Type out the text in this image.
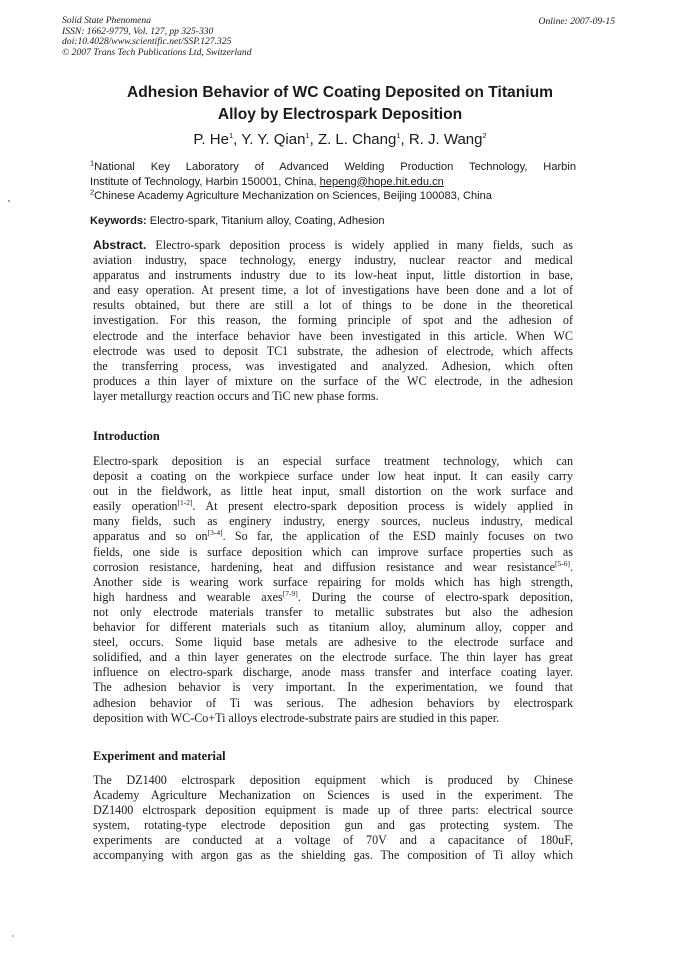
Solid State Phenomena
ISSN: 1662-9779, Vol. 127, pp 325-330
doi:10.4028/www.scientific.net/SSP.127.325
© 2007 Trans Tech Publications Ltd, Switzerland
Online: 2007-09-15
Adhesion Behavior of WC Coating Deposited on Titanium
Alloy by Electrospark Deposition
P. He$^1$, Y. Y. Qian$^1$, Z. L. Chang$^1$, R. J. Wang$^2$
$^1$National Key Laboratory of Advanced Welding Production Technology, Harbin
Institute of Technology, Harbin 150001, China, hepeng@hope.hit.edu.cn
$^2$Chinese Academy Agriculture Mechanization on Sciences, Beijing 100083, China
Keywords: Electro-spark, Titanium alloy, Coating, Adhesion
Abstract. Electro-spark deposition process is widely applied in many fields, such as
aviation industry, space technology, energy industry, nuclear reactor and medical
apparatus and instruments industry due to its low-heat input, little distortion in base,
and easy operation. At present time, a lot of investigations have been done and a lot of
results obtained, but there are still a lot of things to be done in the theoretical
investigation. For this reason, the forming principle of spot and the adhesion of
electrode and the interface behavior have been investigated in this article. When WC
electrode was used to deposit TC1 substrate, the adhesion of electrode, which affects
the transferring process, was investigated and analyzed. Adhesion, which often
produces a thin layer of mixture on the surface of the WC electrode, in the adhesion
layer metallurgy reaction occurs and TiC new phase forms.
Introduction
Electro-spark deposition is an especial surface treatment technology, which can
deposit a coating on the workpiece surface under low heat input. It can easily carry
out in the fieldwork, as little heat input, small distortion on the work surface and
easily operation[1-2]. At present electro-spark deposition process is widely applied in
many fields, such as enginery industry, energy sources, nucleus industry, medical
apparatus and so on[3-4]. So far, the application of the ESD mainly focuses on two
fields, one side is surface deposition which can improve surface properties such as
corrosion resistance, hardening, heat and diffusion resistance and wear resistance[5-6].
Another side is wearing work surface repairing for molds which has high strength,
high hardness and wearable axes[7-9]. During the course of electro-spark deposition,
not only electrode materials transfer to metallic substrates but also the adhesion
behavior for different materials such as titanium alloy, aluminum alloy, copper and
steel, occurs. Some liquid base metals are adhesive to the electrode surface and
solidified, and a thin layer generates on the electrode surface. The thin layer has great
influence on electro-spark discharge, anode mass transfer and interface coating layer.
The adhesion behavior is very important. In the experimentation, we found that
adhesion behavior of Ti was serious. The adhesion behaviors by electrospark
deposition with WC-Co+Ti alloys electrode-substrate pairs are studied in this paper.
Experiment and material
The DZ1400 elctrospark deposition equipment which is produced by Chinese
Academy Agriculture Mechanization on Sciences is used in the experiment. The
DZ1400 elctrospark deposition equipment is made up of three parts: electrical source
system, rotating-type electrode deposition gun and gas protecting system. The
experiments are conducted at a voltage of 70V and a capacitance of 180uF,
accompanying with argon gas as the shielding gas. The composition of Ti alloy which
